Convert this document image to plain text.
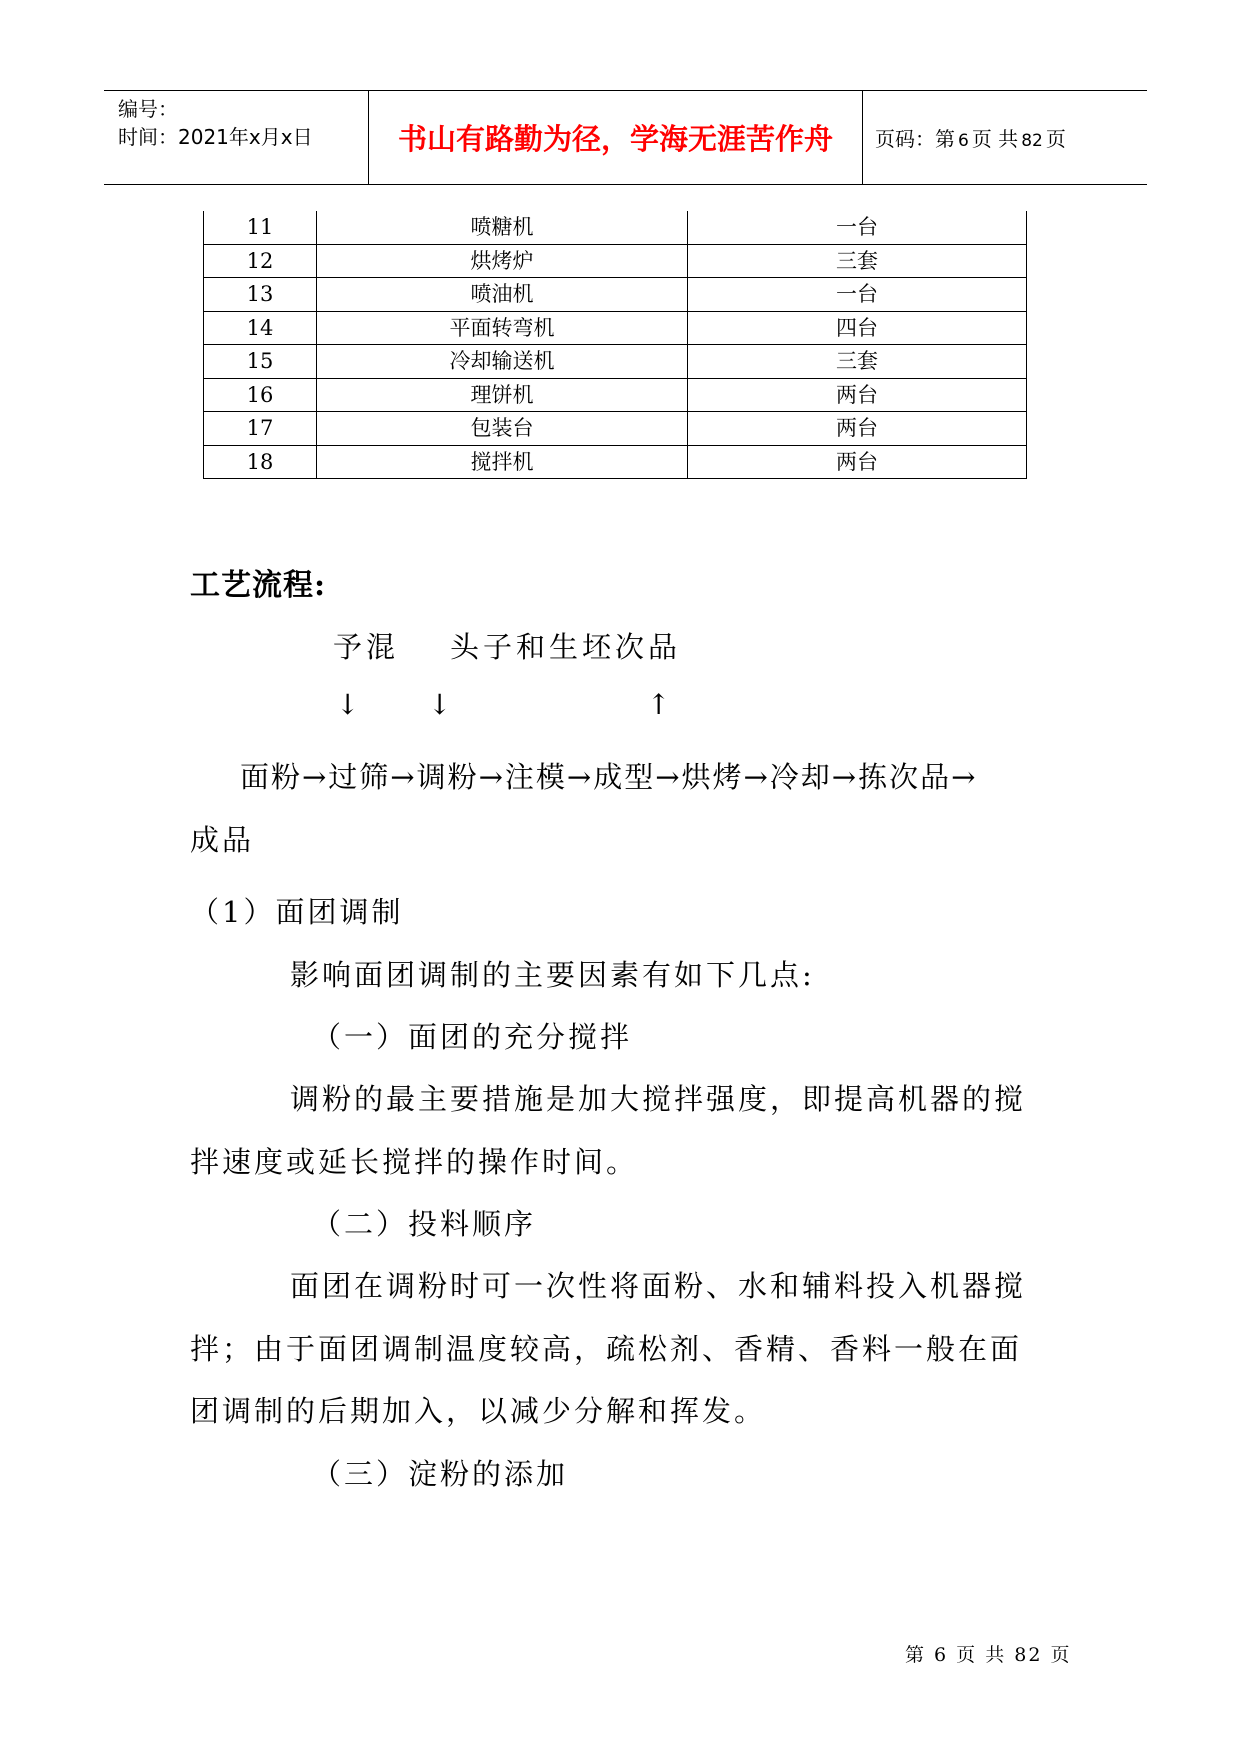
编号：
时间：2021年x月x日	书山有路勤为径，学海无涯苦作舟	页码：第 6 页 共 82 页
11	喷糖机	一台
12	烘烤炉	三套
13	喷油机	一台
14	平面转弯机	四台
15	冷却输送机	三套
16	理饼机	两台
17	包装台	两台
18	搅拌机	两台
工艺流程:
予混 头子和生坯次品
↓ ↓	↑
面粉→过筛→调粉→注模→成型→烘烤→冷却→拣次品→
成品
（1）面团调制
影响面团调制的主要因素有如下几点:
（一）面团的充分搅拌
调粉的最主要措施是加大搅拌强度，即提高机器的搅
拌速度或延长搅拌的操作时间。
（二）投料顺序
面团在调粉时可一次性将面粉、水和辅料投入机器搅
拌；由于面团调制温度较高，疏松剂、香精、香料一般在面
团调制的后期加入，以减少分解和挥发。
（三）淀粉的添加
第 6 页 共 82 页
